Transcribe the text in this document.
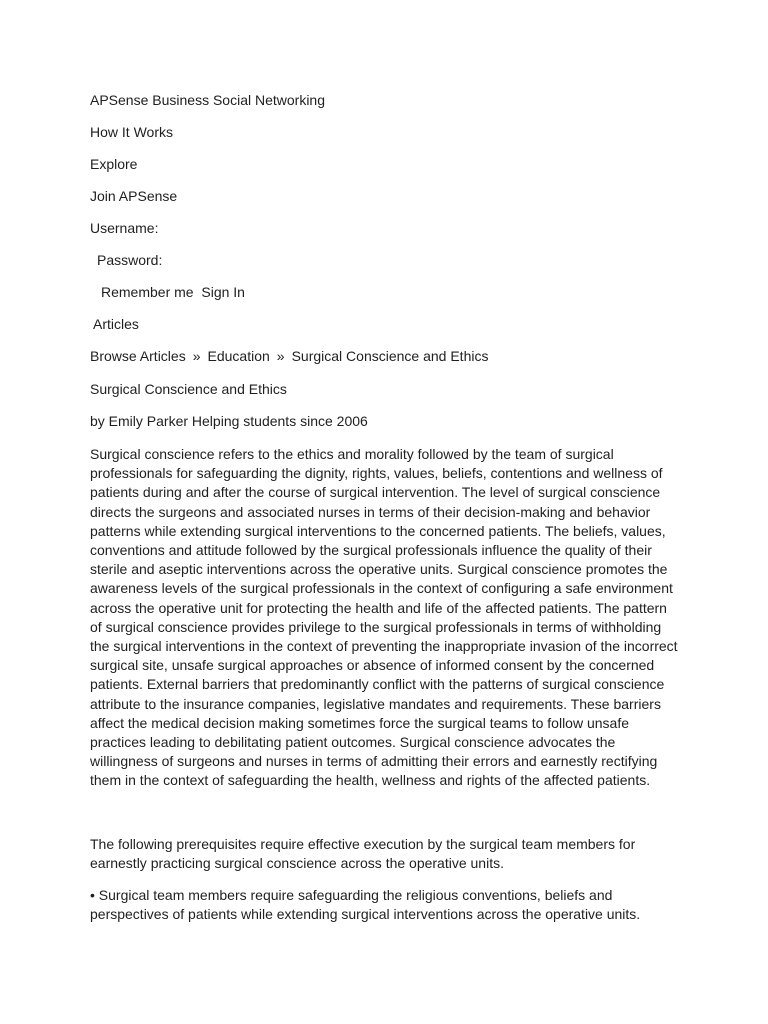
APSense Business Social Networking
How It Works
Explore
Join APSense
Username:
Password:
Remember me Sign In
Articles
Browse Articles » Education » Surgical Conscience and Ethics
Surgical Conscience and Ethics
by Emily Parker Helping students since 2006
Surgical conscience refers to the ethics and morality followed by the team of surgical professionals for safeguarding the dignity, rights, values, beliefs, contentions and wellness of patients during and after the course of surgical intervention. The level of surgical conscience directs the surgeons and associated nurses in terms of their decision-making and behavior patterns while extending surgical interventions to the concerned patients. The beliefs, values, conventions and attitude followed by the surgical professionals influence the quality of their sterile and aseptic interventions across the operative units. Surgical conscience promotes the awareness levels of the surgical professionals in the context of configuring a safe environment across the operative unit for protecting the health and life of the affected patients. The pattern of surgical conscience provides privilege to the surgical professionals in terms of withholding the surgical interventions in the context of preventing the inappropriate invasion of the incorrect surgical site, unsafe surgical approaches or absence of informed consent by the concerned patients. External barriers that predominantly conflict with the patterns of surgical conscience attribute to the insurance companies, legislative mandates and requirements. These barriers affect the medical decision making sometimes force the surgical teams to follow unsafe practices leading to debilitating patient outcomes. Surgical conscience advocates the willingness of surgeons and nurses in terms of admitting their errors and earnestly rectifying them in the context of safeguarding the health, wellness and rights of the affected patients.
The following prerequisites require effective execution by the surgical team members for earnestly practicing surgical conscience across the operative units.
• Surgical team members require safeguarding the religious conventions, beliefs and perspectives of patients while extending surgical interventions across the operative units.
